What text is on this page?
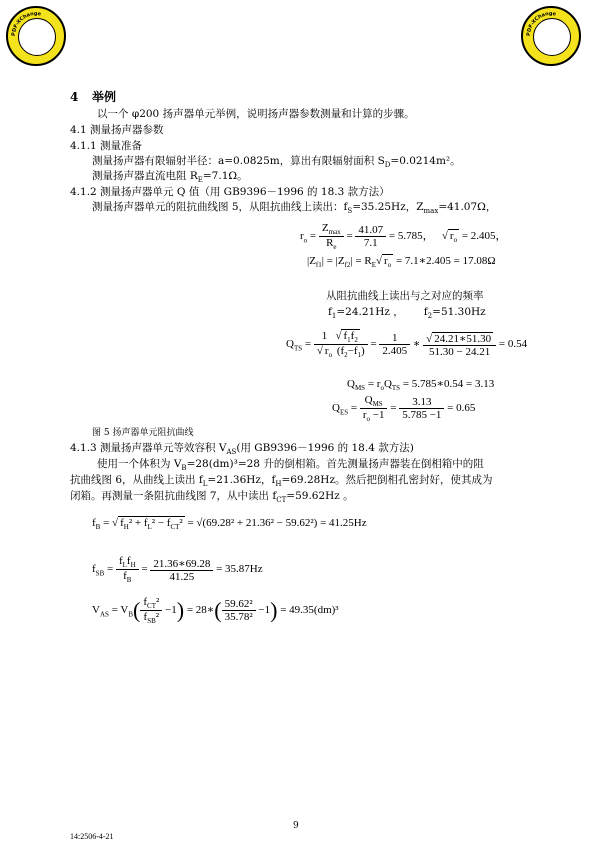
PDF-XChange
PDF-XChange
4 举例
以一个 φ200 扬声器单元举例，说明扬声器参数测量和计算的步骤。
4.1 测量扬声器参数
4.1.1 测量准备
测量扬声器有限辐射半径：a=0.0825m，算出有限辐射面积 $S_D=0.0214m^2$。
测量扬声器直流电阻 $R_E=7.1\Omega$。
4.1.2 测量扬声器单元 Q 值（用 GB9396－1996 的 18.3 款方法）
测量扬声器单元的阻抗曲线图 5，从阻抗曲线上读出：$f_S=35.25Hz$，$Z_{max}=41.07\Omega$，
$r_o = \frac{Z_{max}}{R_e} = \frac{41.07}{7.1} = 5.785$，   √ $r_o = 2.405$，
$|Z_{f1}| = |Z_{f2}| = R_E√$ $r_o$ = 7.1∗2.405 = 17.08Ω
从阻抗曲线上读出与之对应的频率
$f_1=24.21Hz$ ， $f_2=51.30Hz$
$Q_{TS} = \frac{1 √ f_1f_2}{√ r_o (f_2-f_1)} = \frac{1}{2.405}$ ∗ $\frac{√ 24.21∗51.30}{51.30 - 24.21} = 0.54$
$Q_{MS} = r_oQ_{TS}$ = 5.785∗0.54 = 3.13
$Q_{ES} = \frac{Q_{MS}}{r_o -1} = \frac{3.13}{5.785 -1} = 0.65$
图 5 扬声器单元阻抗曲线
4.1.3 测量扬声器单元等效容积 $V_{AS}$(用 GB9396－1996 的 18.4 款方法)
使用一个体积为 $V_B=28(dm)^3=28$ 升的倒相箱。首先测量扬声器装在倒相箱中的阻
抗曲线图 6，从曲线上读出 $f_L=21.36Hz$，$f_H=69.28Hz$。然后把倒相孔密封好，使其成为
闭箱。再测量一条阻抗曲线图 7，从中读出 $f_{CT}=59.62Hz$ 。
$f_B$ = √ $f_H^2 + f_L^2 - f_{CT}^2 = √(69.28^2 + 21.36^2 - 59.62^2) = 41.25Hz$
$f_{SB} = \frac{f_Lf_H}{f_B} = \frac{21.36∗69.28}{41.25} = 35.87Hz$
$V_{AS} = V_B( \frac{f_{CT}^2}{f_{SB}^2} -1)$ = 28∗( $\frac{\text{59.62²}}{\text{35.78²}} -1) = 49.35(dm)^3$
9
14:2506-4-21
